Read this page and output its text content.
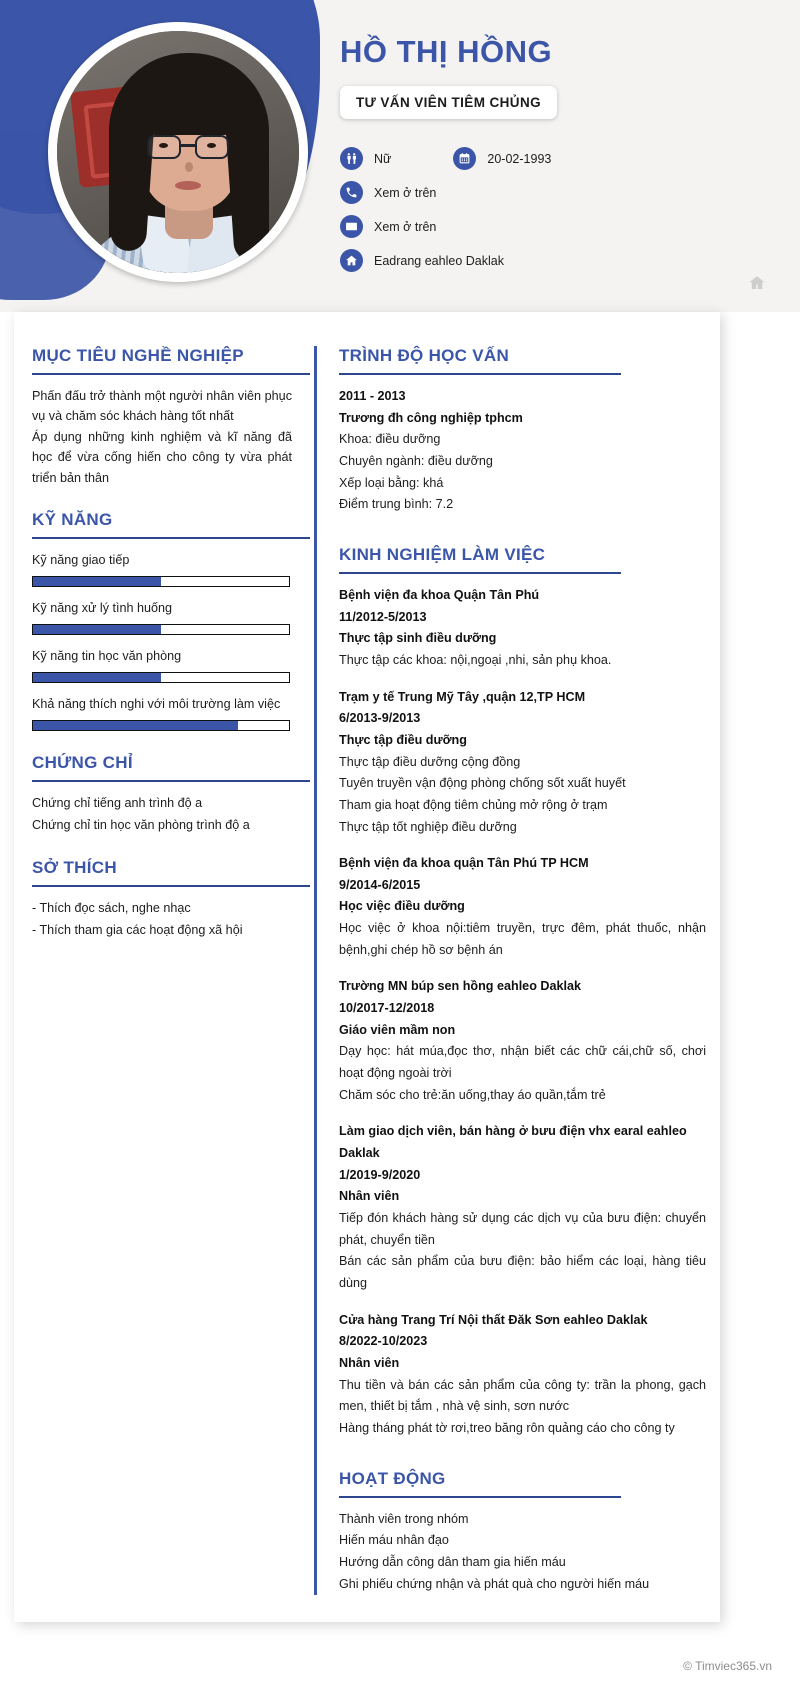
HỒ THỊ HỒNG
TƯ VẤN VIÊN TIÊM CHỦNG
Nữ	20-02-1993
Xem ở trên
Xem ở trên
Eadrang eahleo Daklak
MỤC TIÊU NGHỀ NGHIỆP
Phấn đấu trở thành một người nhân viên phục vụ và chăm sóc khách hàng tốt nhất
Áp dụng những kinh nghiệm và kĩ năng đã học để vừa cống hiến cho công ty vừa phát triển bản thân
KỸ NĂNG
Kỹ năng giao tiếp
Kỹ năng xử lý tình huống
Kỹ năng tin học văn phòng
Khả năng thích nghi với môi trường làm việc
CHỨNG CHỈ
Chứng chỉ tiếng anh trình độ a
Chứng chỉ tin học văn phòng trình độ a
SỞ THÍCH
- Thích đọc sách, nghe nhạc
- Thích tham gia các hoạt động xã hội
TRÌNH ĐỘ HỌC VẤN
2011 - 2013
Trương đh công nghiệp tphcm
Khoa: điều dưỡng
Chuyên ngành: điều dưỡng
Xếp loại bằng: khá
Điểm trung bình: 7.2
KINH NGHIỆM LÀM VIỆC
Bệnh viện đa khoa Quận Tân Phú
11/2012-5/2013
Thực tập sinh điều dưỡng
Thực tập các khoa: nội,ngoại ,nhi, sản phụ khoa.
Trạm y tế Trung Mỹ Tây ,quận 12,TP HCM
6/2013-9/2013
Thực tập điều dưỡng
Thực tập điều dưỡng cộng đồng
Tuyên truyền vận động phòng chống sốt xuất huyết
Tham gia hoạt động tiêm chủng mở rộng ở trạm
Thực tập tốt nghiệp điều dưỡng
Bệnh viện đa khoa quận Tân Phú TP HCM
9/2014-6/2015
Học việc điều dưỡng
Học việc ở khoa nội:tiêm truyền, trực đêm, phát thuốc, nhận bệnh,ghi chép hồ sơ bệnh án
Trường MN búp sen hồng eahleo Daklak
10/2017-12/2018
Giáo viên mầm non
Dạy học: hát múa,đọc thơ, nhận biết các chữ cái,chữ số, chơi hoạt động ngoài trời
Chăm sóc cho trẻ:ăn uống,thay áo quần,tắm trẻ
Làm giao dịch viên, bán hàng ở bưu điện vhx earal eahleo Daklak
1/2019-9/2020
Nhân viên
Tiếp đón khách hàng sử dụng các dịch vụ của bưu điện: chuyển phát, chuyển tiền
Bán các sản phẩm của bưu điện: bảo hiểm các loại, hàng tiêu dùng
Cửa hàng Trang Trí Nội thất Đăk Sơn eahleo Daklak
8/2022-10/2023
Nhân viên
Thu tiền và bán các sản phẩm của công ty: trần la phong, gạch men, thiết bị tắm , nhà vệ sinh, sơn nước
Hàng tháng phát tờ rơi,treo băng rôn quảng cáo cho công ty
HOẠT ĐỘNG
Thành viên trong nhóm
Hiến máu nhân đạo
Hướng dẫn công dân tham gia hiến máu
Ghi phiếu chứng nhận và phát quà cho người hiến máu
© Timviec365.vn
